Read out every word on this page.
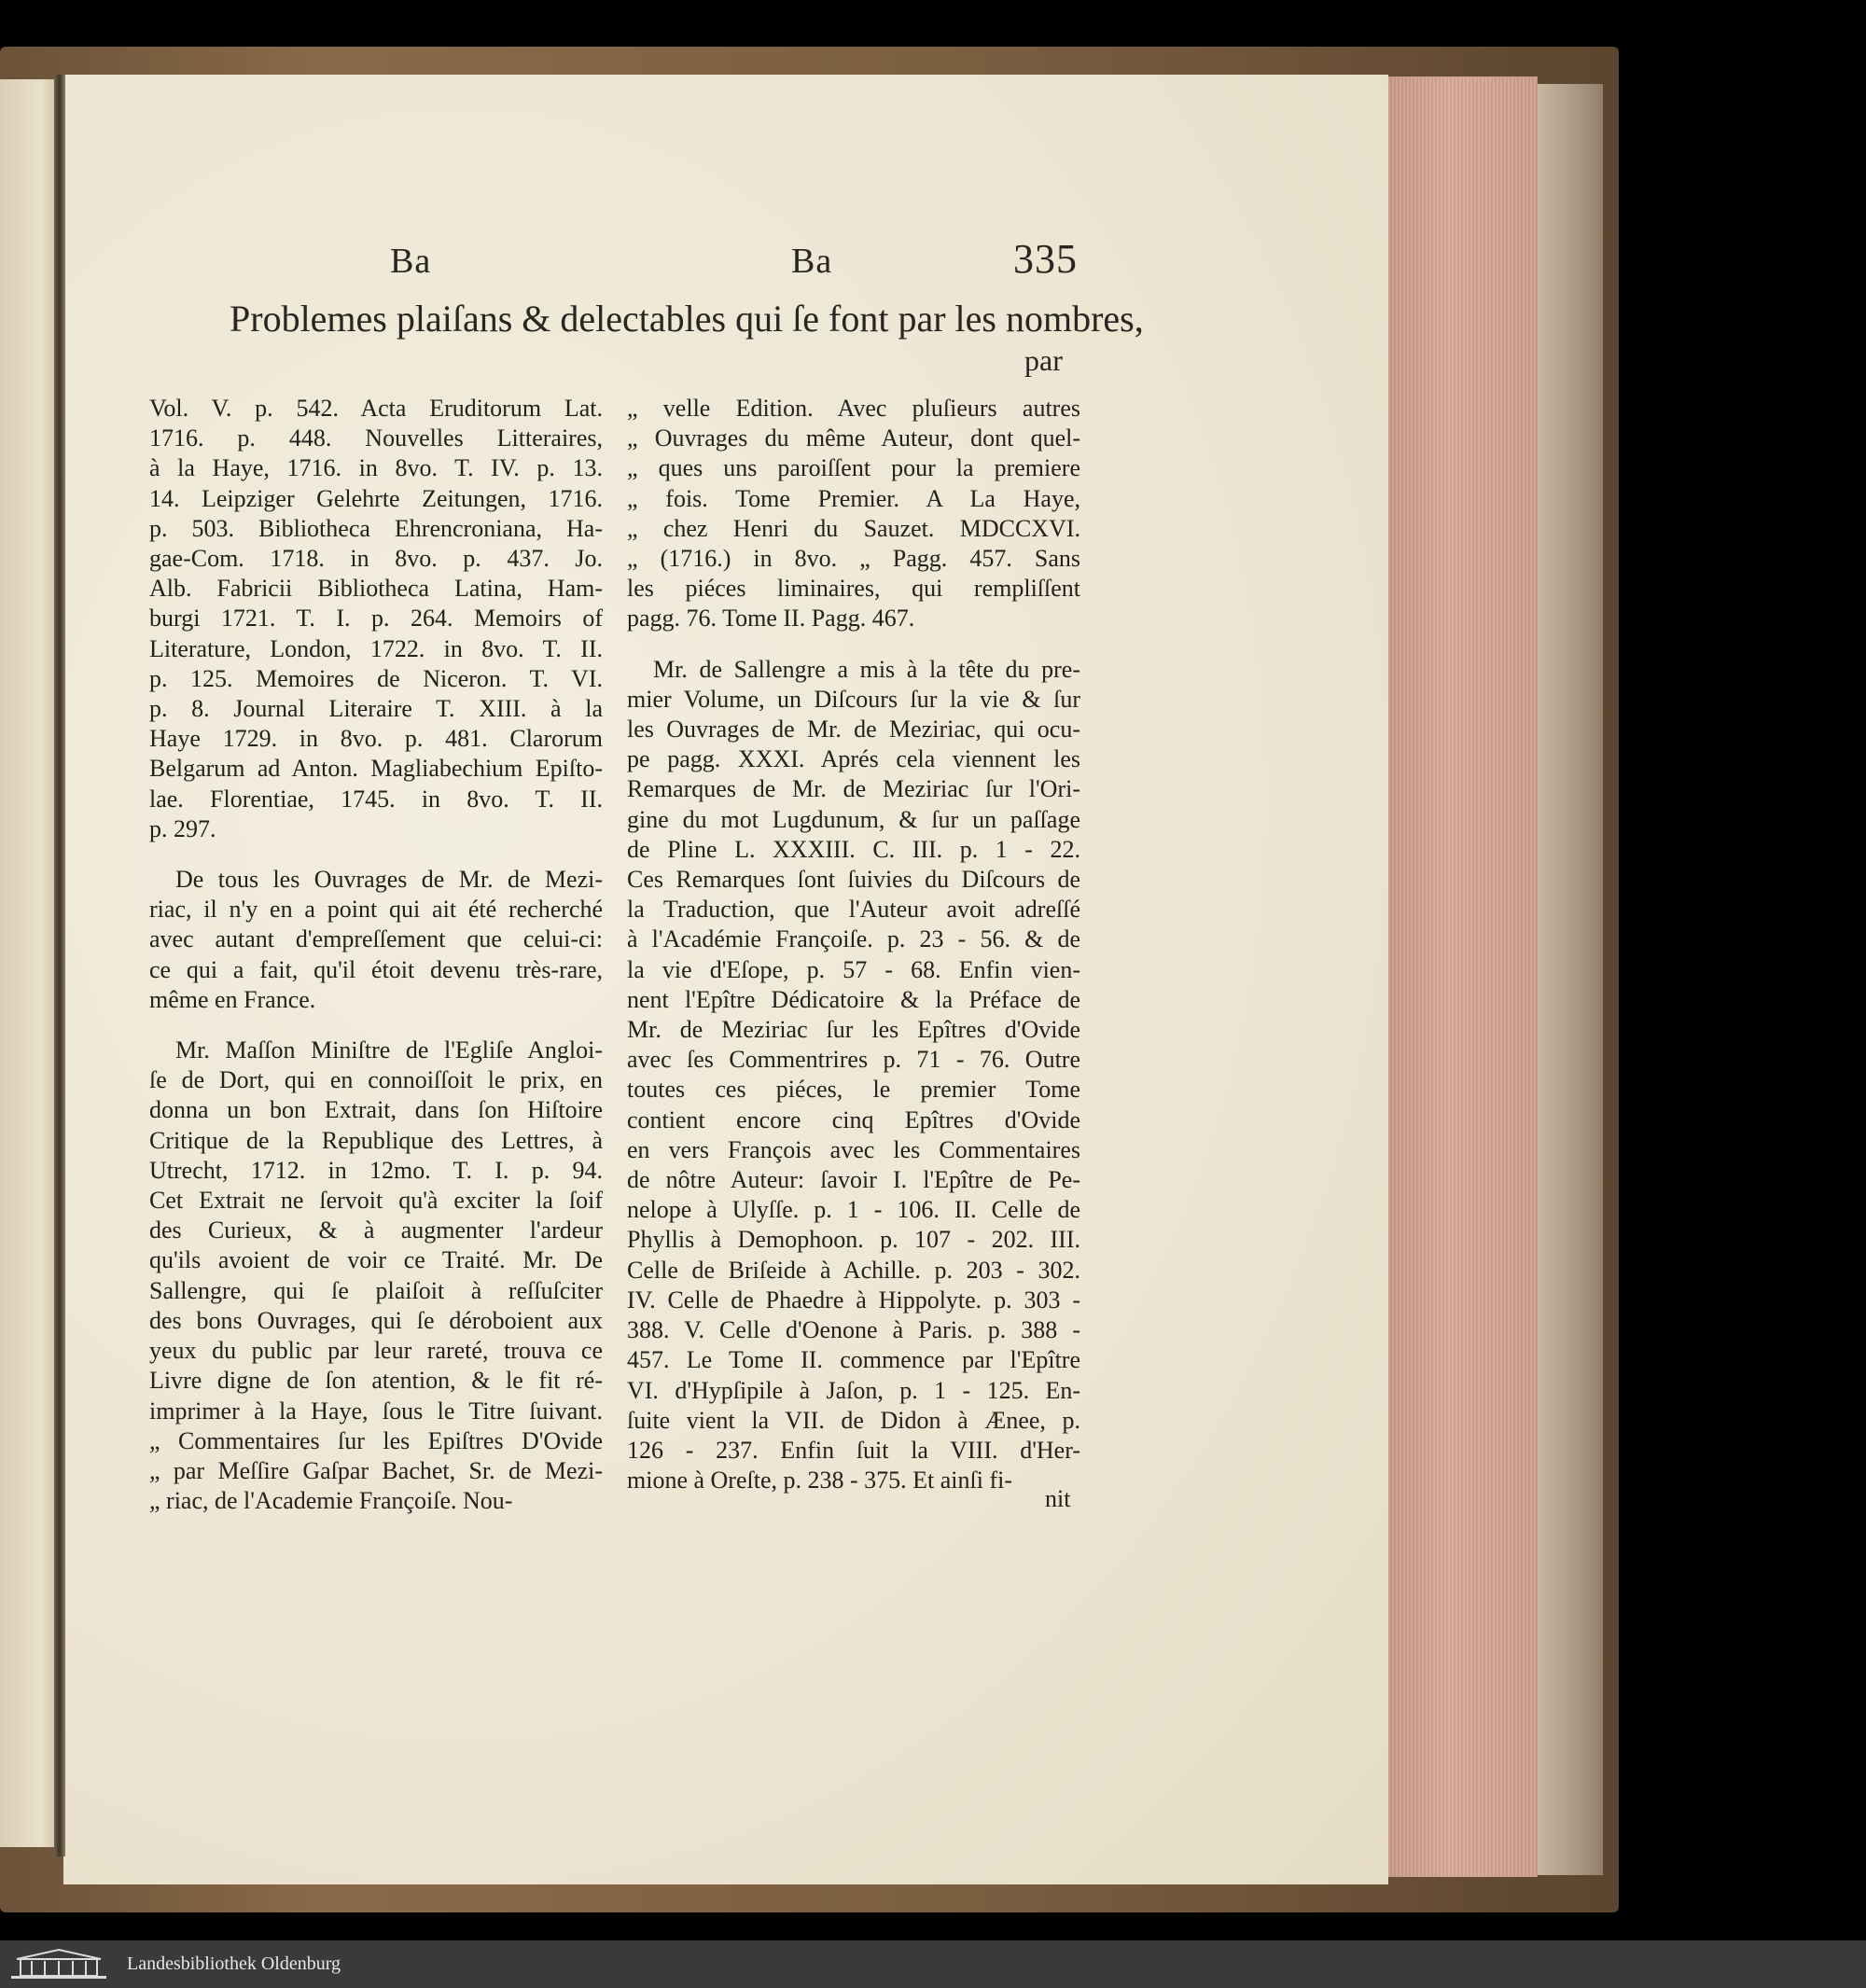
Ba	Ba	335
Problemes plaiſans & delectables qui ſe font par les nombres,
par
Vol. V. p. 542. Acta Eruditorum Lat.
1716. p. 448. Nouvelles Litteraires,
à la Haye, 1716. in 8vo. T. IV. p. 13.
14. Leipziger Gelehrte Zeitungen, 1716.
p. 503. Bibliotheca Ehrencroniana, Ha-
gae-Com. 1718. in 8vo. p. 437. Jo.
Alb. Fabricii Bibliotheca Latina, Ham-
burgi 1721. T. I. p. 264. Memoirs of
Literature, London, 1722. in 8vo. T. II.
p. 125. Memoires de Niceron. T. VI.
p. 8. Journal Literaire T. XIII. à la
Haye 1729. in 8vo. p. 481. Clarorum
Belgarum ad Anton. Magliabechium Epiſto-
lae. Florentiae, 1745. in 8vo. T. II.
p. 297.
De tous les Ouvrages de Mr. de Mezi-
riac, il n'y en a point qui ait été recherché
avec autant d'empreſſement que celui-ci:
ce qui a fait, qu'il étoit devenu très-rare,
même en France.
Mr. Maſſon Miniſtre de l'Egliſe Angloi-
ſe de Dort, qui en connoiſſoit le prix, en
donna un bon Extrait, dans ſon Hiſtoire
Critique de la Republique des Lettres, à
Utrecht, 1712. in 12mo. T. I. p. 94.
Cet Extrait ne ſervoit qu'à exciter la ſoif
des Curieux, & à augmenter l'ardeur
qu'ils avoient de voir ce Traité. Mr. De
Sallengre, qui ſe plaiſoit à reſſuſciter
des bons Ouvrages, qui ſe déroboient aux
yeux du public par leur rareté, trouva ce
Livre digne de ſon atention, & le fit ré-
imprimer à la Haye, ſous le Titre ſuivant.
„ Commentaires ſur les Epiſtres D'Ovide
„ par Meſſire Gaſpar Bachet, Sr. de Mezi-
„ riac, de l'Academie Françoiſe. Nou-
„ velle Edition. Avec pluſieurs autres
„ Ouvrages du même Auteur, dont quel-
„ ques uns paroiſſent pour la premiere
„ fois. Tome Premier. A La Haye,
„ chez Henri du Sauzet. MDCCXVI.
„ (1716.) in 8vo. „ Pagg. 457. Sans
les piéces liminaires, qui rempliſſent
pagg. 76. Tome II. Pagg. 467.
Mr. de Sallengre a mis à la tête du pre-
mier Volume, un Diſcours ſur la vie & ſur
les Ouvrages de Mr. de Meziriac, qui ocu-
pe pagg. XXXI. Aprés cela viennent les
Remarques de Mr. de Meziriac ſur l'Ori-
gine du mot Lugdunum, & ſur un paſſage
de Pline L. XXXIII. C. III. p. 1 - 22.
Ces Remarques ſont ſuivies du Diſcours de
la Traduction, que l'Auteur avoit adreſſé
à l'Académie Françoiſe. p. 23 - 56. & de
la vie d'Eſope, p. 57 - 68. Enfin vien-
nent l'Epître Dédicatoire & la Préface de
Mr. de Meziriac ſur les Epîtres d'Ovide
avec ſes Commentrires p. 71 - 76. Outre
toutes ces piéces, le premier Tome
contient encore cinq Epîtres d'Ovide
en vers François avec les Commentaires
de nôtre Auteur: ſavoir I. l'Epître de Pe-
nelope à Ulyſſe. p. 1 - 106. II. Celle de
Phyllis à Demophoon. p. 107 - 202. III.
Celle de Briſeide à Achille. p. 203 - 302.
IV. Celle de Phaedre à Hippolyte. p. 303 -
388. V. Celle d'Oenone à Paris. p. 388 -
457. Le Tome II. commence par l'Epître
VI. d'Hypſipile à Jaſon, p. 1 - 125. En-
ſuite vient la VII. de Didon à Ænee, p.
126 - 237. Enfin ſuit la VIII. d'Her-
mione à Oreſte, p. 238 - 375. Et ainſi fi-
nit
Landesbibliothek Oldenburg
